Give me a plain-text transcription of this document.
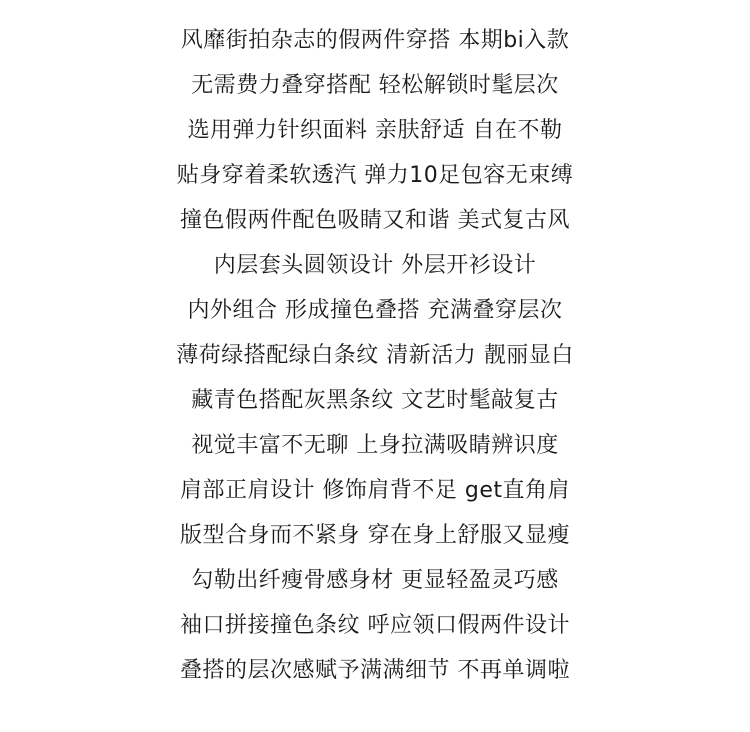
风靡街拍杂志的假两件穿搭 本期bi入款
无需费力叠穿搭配 轻松解锁时髦层次
选用弹力针织面料 亲肤舒适 自在不勒
贴身穿着柔软透汽 弹力10足包容无束缚
撞色假两件配色吸睛又和谐 美式复古风
内层套头圆领设计 外层开衫设计
内外组合 形成撞色叠搭 充满叠穿层次
薄荷绿搭配绿白条纹 清新活力 靓丽显白
藏青色搭配灰黑条纹 文艺时髦敲复古
视觉丰富不无聊 上身拉满吸睛辨识度
肩部正肩设计 修饰肩背不足 get直角肩
版型合身而不紧身 穿在身上舒服又显瘦
勾勒出纤瘦骨感身材 更显轻盈灵巧感
袖口拼接撞色条纹 呼应领口假两件设计
叠搭的层次感赋予满满细节 不再单调啦
